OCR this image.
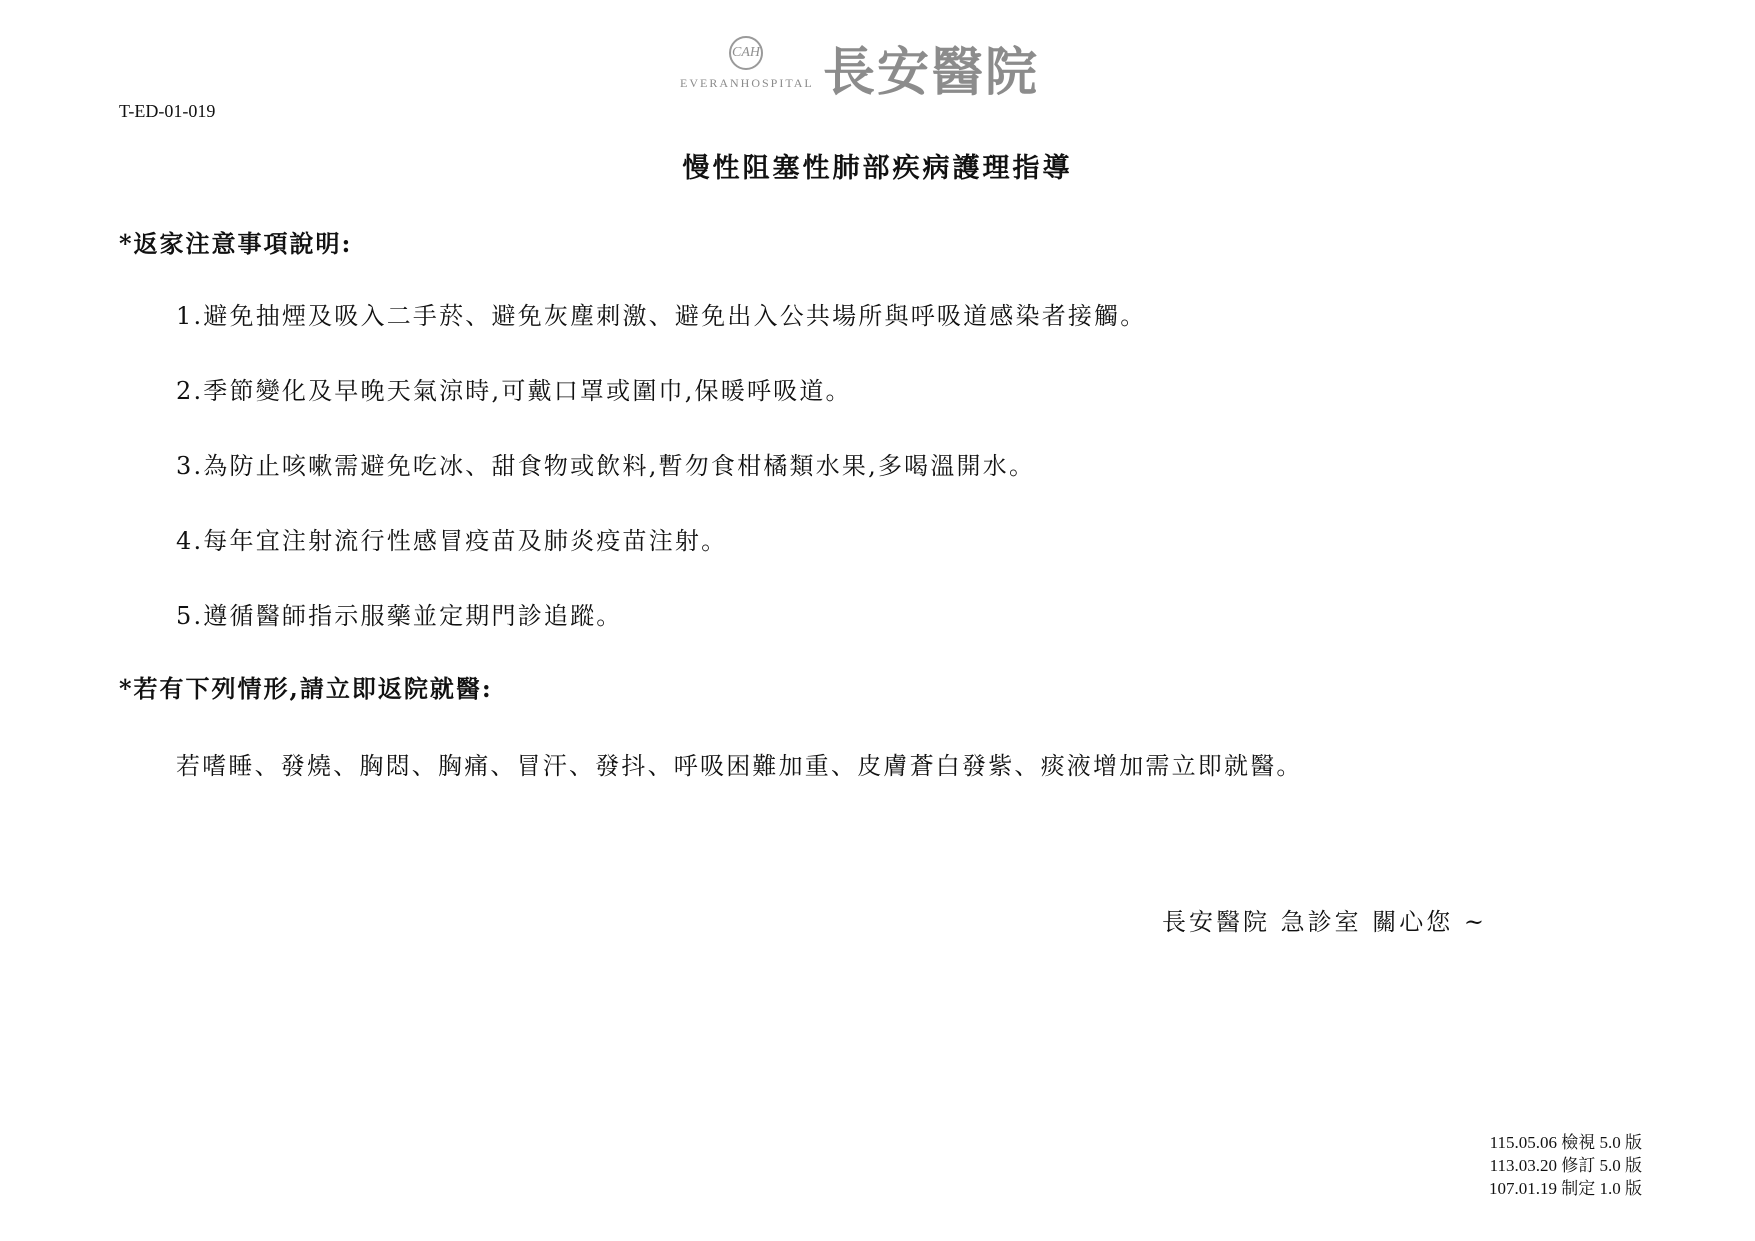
CAH
EVERANHOSPITAL 長安醫院
T-ED-01-019
慢性阻塞性肺部疾病護理指導
*返家注意事項說明:
1.避免抽煙及吸入二手菸、避免灰塵刺激、避免出入公共場所與呼吸道感染者接觸。
2.季節變化及早晚天氣涼時,可戴口罩或圍巾,保暖呼吸道。
3.為防止咳嗽需避免吃冰、甜食物或飲料,暫勿食柑橘類水果,多喝溫開水。
4.每年宜注射流行性感冒疫苗及肺炎疫苗注射。
5.遵循醫師指示服藥並定期門診追蹤。
*若有下列情形,請立即返院就醫:
若嗜睡、發燒、胸悶、胸痛、冒汗、發抖、呼吸困難加重、皮膚蒼白發紫、痰液增加需立即就醫。
長安醫院 急診室 關心您 ~
115.05.06 檢視 5.0 版
113.03.20 修訂 5.0 版
107.01.19 制定 1.0 版
